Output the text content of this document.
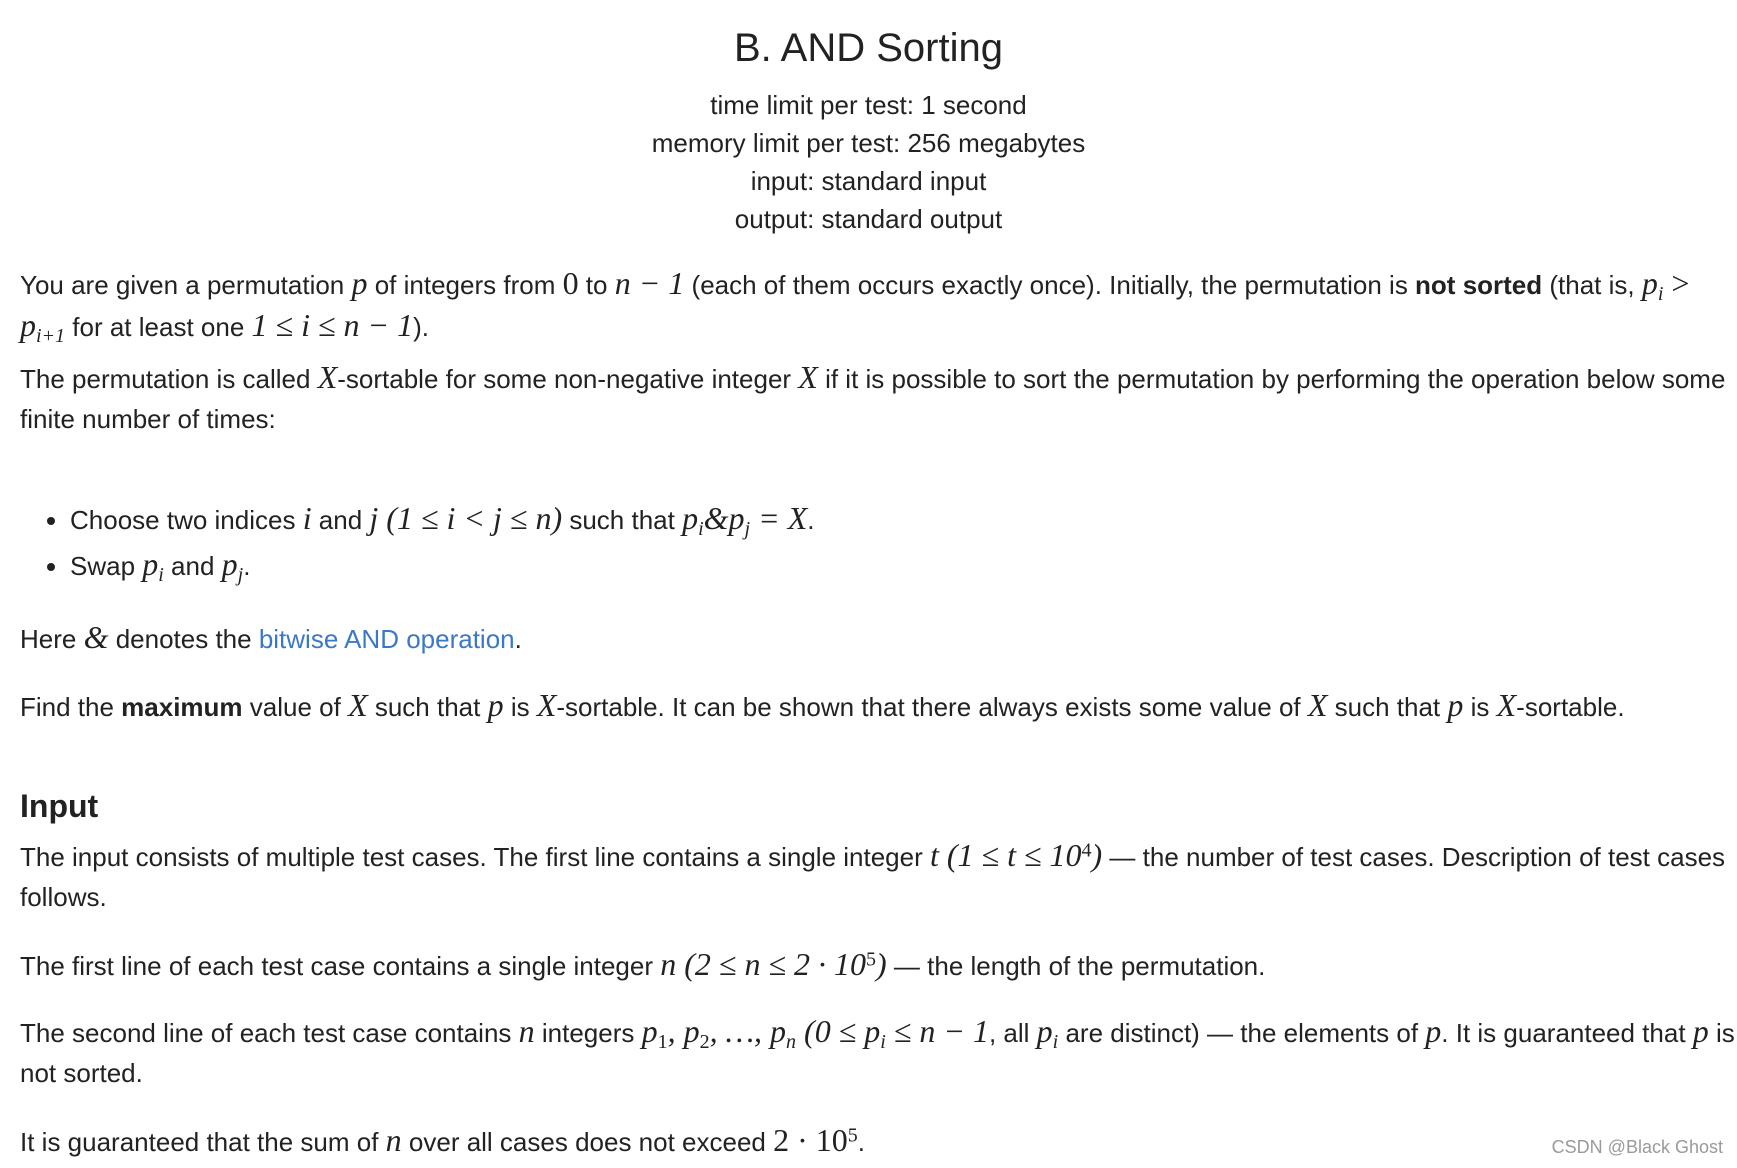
B. AND Sorting
time limit per test: 1 second
memory limit per test: 256 megabytes
input: standard input
output: standard output
You are given a permutation p of integers from 0 to n − 1 (each of them occurs exactly once). Initially, the permutation is not sorted (that is, $p_i > p_{i+1}$ for at least one 1 ≤ i ≤ n − 1).
The permutation is called X-sortable for some non-negative integer X if it is possible to sort the permutation by performing the operation below some finite number of times:
• Choose two indices i and j (1 ≤ i < j ≤ n) such that $p_i\&p_j = X$.
• Swap $p_i$ and $p_j$.
Here & denotes the bitwise AND operation.
Find the maximum value of X such that p is X-sortable. It can be shown that there always exists some value of X such that p is X-sortable.
Input
The input consists of multiple test cases. The first line contains a single integer t $(1 \le t \le 10^4)$ — the number of test cases. Description of test cases follows.
The first line of each test case contains a single integer n $(2 \le n \le 2 \cdot 10^5)$ — the length of the permutation.
The second line of each test case contains n integers $p_1$, $p_2$, …, $p_n$ ($0 \le p_i \le n - 1$, all $p_i$ are distinct) — the elements of p. It is guaranteed that p is not sorted.
It is guaranteed that the sum of n over all cases does not exceed $2 \cdot 10^5$.	CSDN @Black Ghost
